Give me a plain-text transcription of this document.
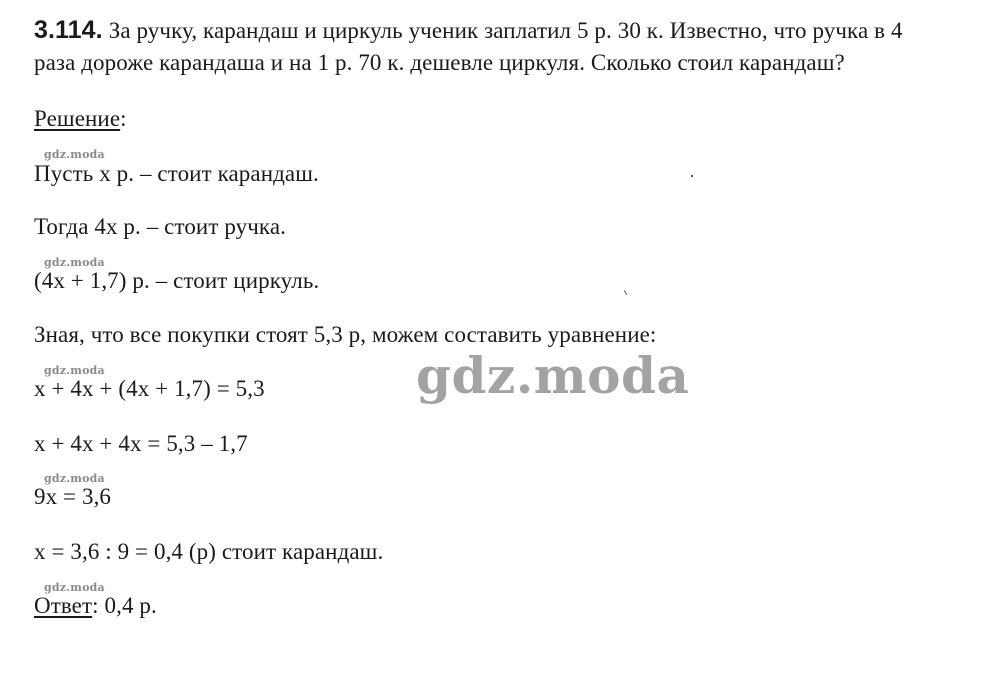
3.114. За ручку, карандаш и циркуль ученик заплатил 5 р. 30 к. Известно, что ручка в 4
раза дороже карандаша и на 1 р. 70 к. дешевле циркуля. Сколько стоил карандаш?
Решение:
gdz.moda
Пусть x р. – стоит карандаш.
Тогда 4x р. – стоит ручка.
gdz.moda
(4x + 1,7) р. – стоит циркуль.
Зная, что все покупки стоят 5,3 р, можем составить уравнение:
gdz.moda
x + 4x + (4x + 1,7) = 5,3
x + 4x + 4x = 5,3 – 1,7
gdz.moda
9x = 3,6
x = 3,6 : 9 = 0,4 (р) стоит карандаш.
gdz.moda
Ответ: 0,4 р.
gdz.moda
